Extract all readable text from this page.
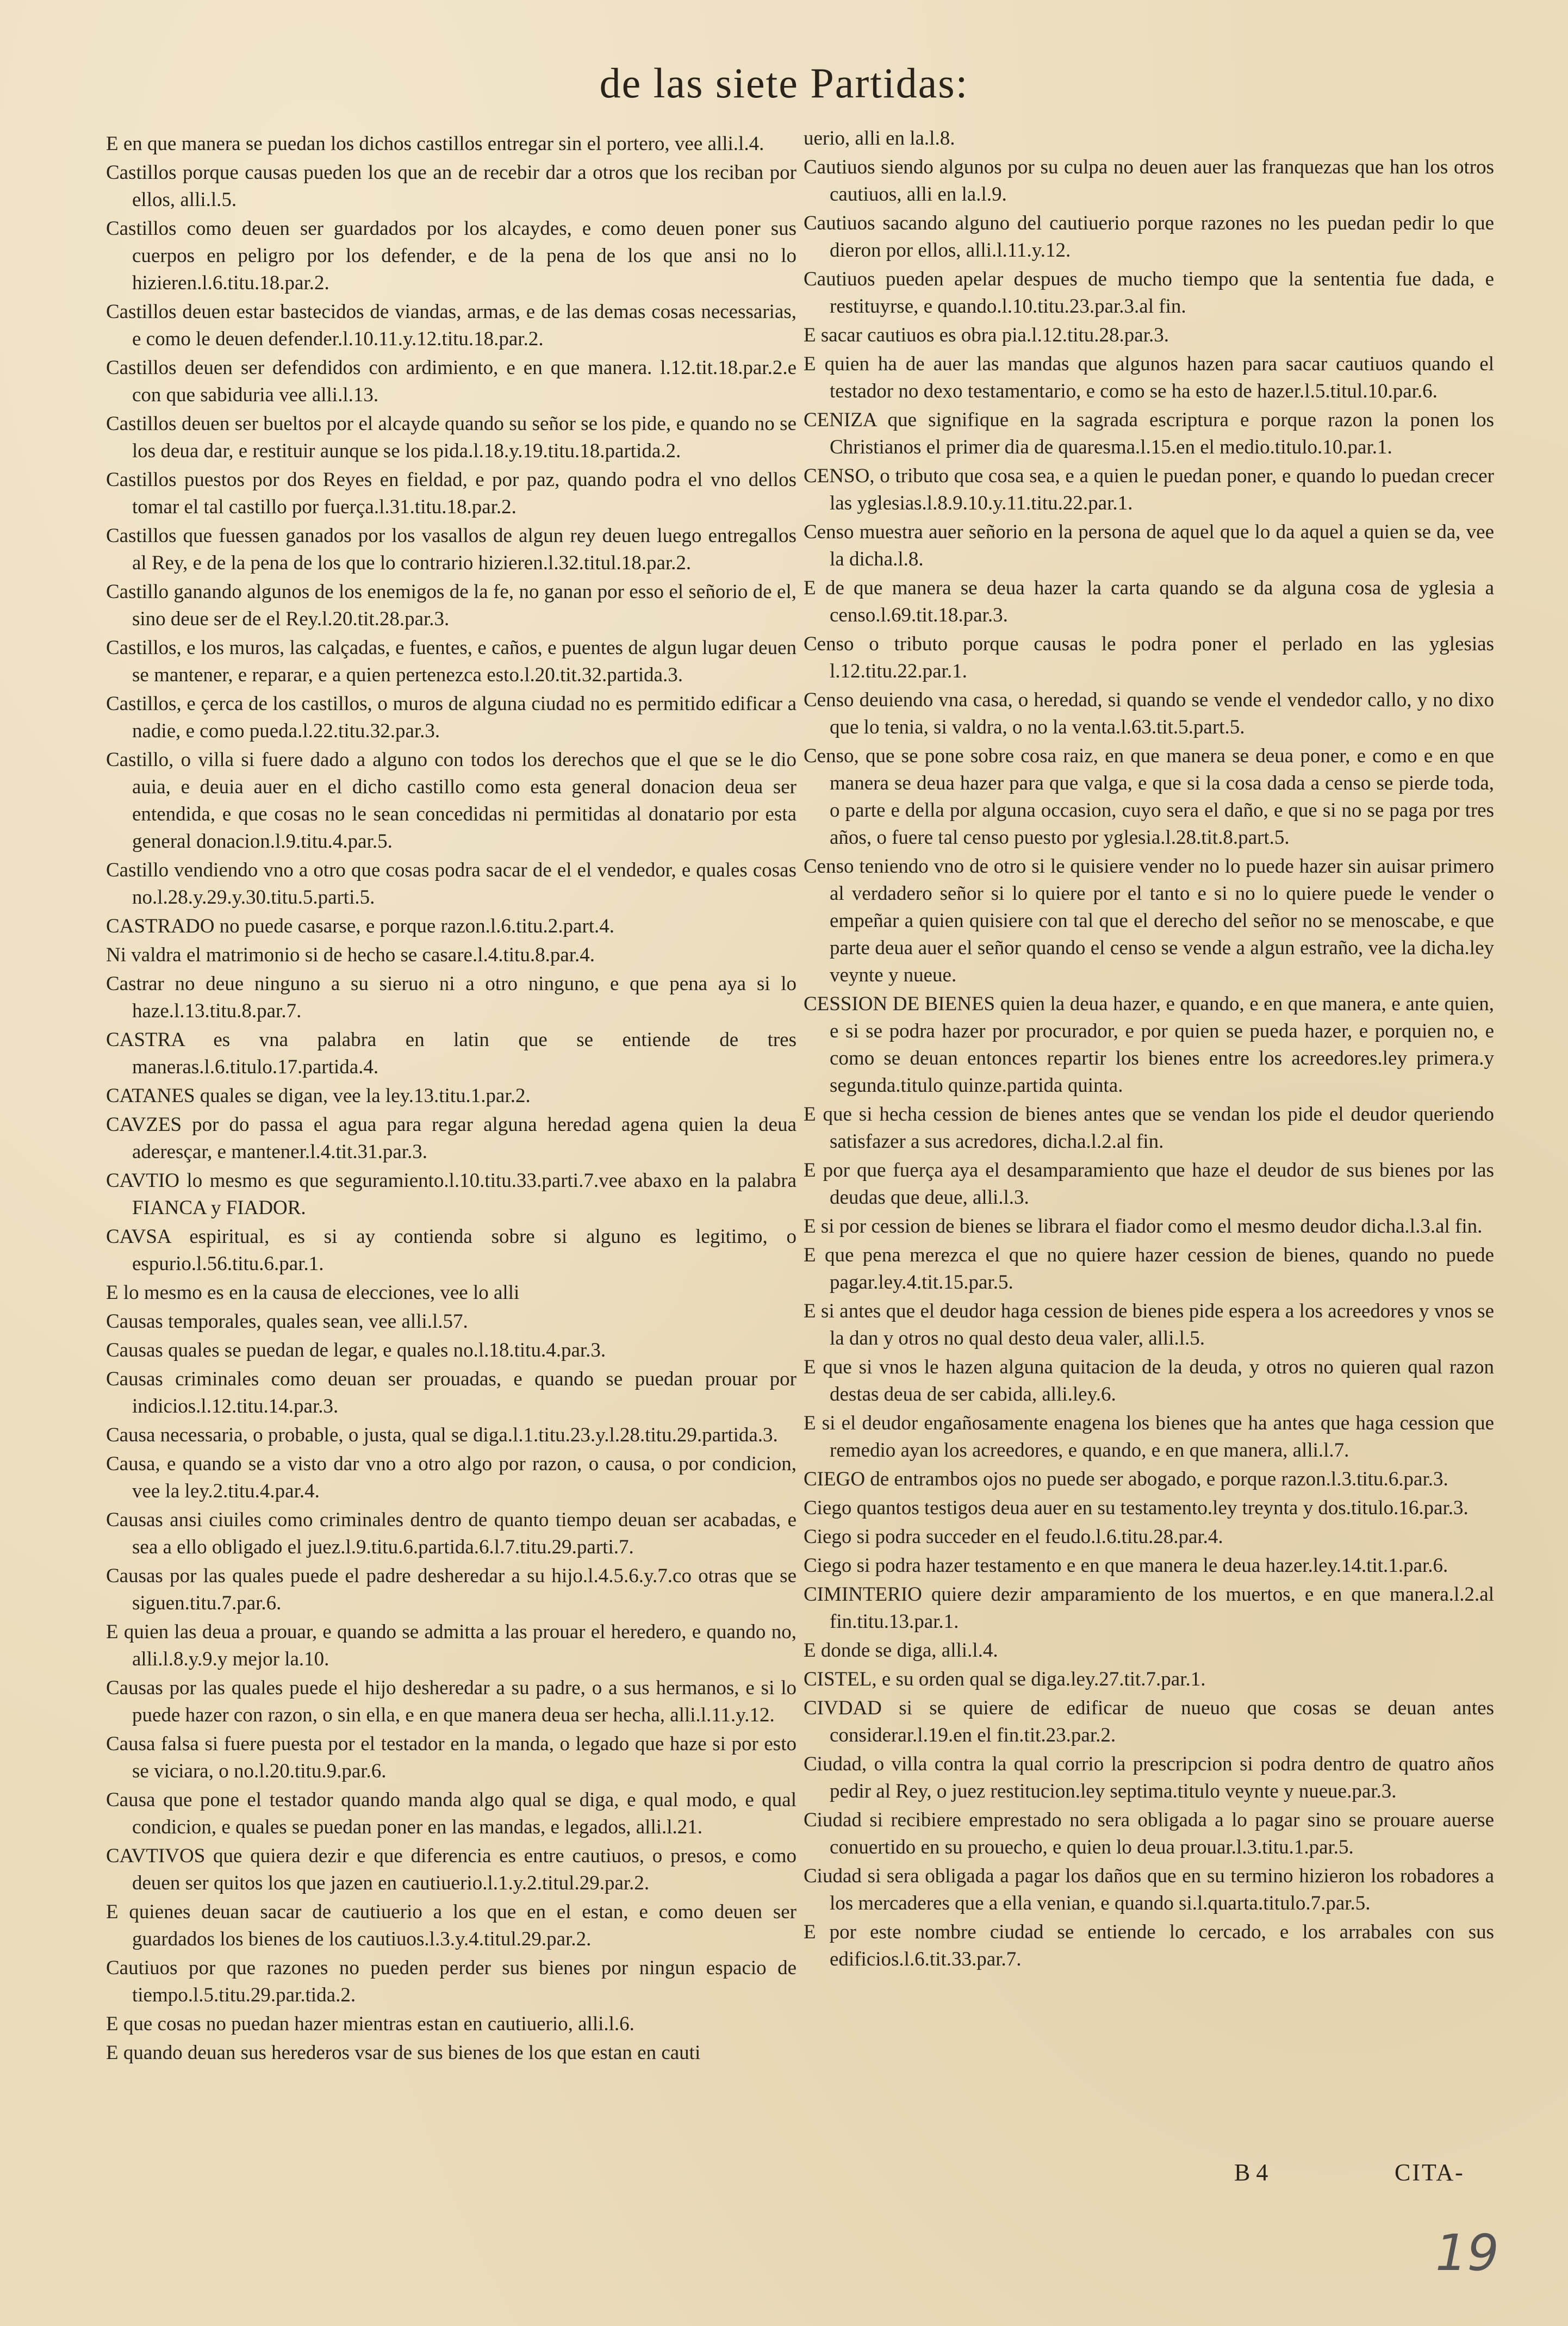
de las siete Partidas:

E en que manera se puedan los dichos castillos entregar sin el portero, vee alli.l.4.

Castillos porque causas pueden los que an de recebir dar a otros que los reciban por ellos, alli.l.5.

Castillos como deuen ser guardados por los alcaydes, e como deuen poner sus cuerpos en peligro por los defender, e de la pena de los que ansi no lo hizieren.l.6.titu.18.par.2.

Castillos deuen estar bastecidos de viandas, armas, e de las demas cosas necessarias, e como le deuen defender.l.10.11.y.12.titu.18.par.2.

Castillos deuen ser defendidos con ardimiento, e en que manera. l.12.tit.18.par.2.e con que sabiduria vee alli.l.13.

Castillos deuen ser bueltos por el alcayde quando su señor se los pide, e quando no se los deua dar, e restituir aunque se los pida.l.18.y.19.titu.18.partida.2.

Castillos puestos por dos Reyes en fieldad, e por paz, quando podra el vno dellos tomar el tal castillo por fuerça.l.31.titu.18.par.2.

Castillos que fuessen ganados por los vasallos de algun rey deuen luego entregallos al Rey, e de la pena de los que lo contrario hizieren.l.32.titul.18.par.2.

Castillo ganando algunos de los enemigos de la fe, no ganan por esso el señorio de el, sino deue ser de el Rey.l.20.tit.28.par.3.

Castillos, e los muros, las calçadas, e fuentes, e caños, e puentes de algun lugar deuen se mantener, e reparar, e a quien pertenezca esto.l.20.tit.32.partida.3.

Castillos, e çerca de los castillos, o muros de alguna ciudad no es permitido edificar a nadie, e como pueda.l.22.titu.32.par.3.

Castillo, o villa si fuere dado a alguno con todos los derechos que el que se le dio auia, e deuia auer en el dicho castillo como esta general donacion deua ser entendida, e que cosas no le sean concedidas ni permitidas al donatario por esta general donacion.l.9.titu.4.par.5.

Castillo vendiendo vno a otro que cosas podra sacar de el el vendedor, e quales cosas no.l.28.y.29.y.30.titu.5.parti.5.

CASTRADO no puede casarse, e porque razon.l.6.titu.2.part.4.

Ni valdra el matrimonio si de hecho se casare.l.4.titu.8.par.4.

Castrar no deue ninguno a su sieruo ni a otro ninguno, e que pena aya si lo haze.l.13.titu.8.par.7.

CASTRA es vna palabra en latin que se entiende de tres maneras.l.6.titulo.17.partida.4.

CATANES quales se digan, vee la ley.13.titu.1.par.2.

CAVZES por do passa el agua para regar alguna heredad agena quien la deua aderesçar, e mantener.l.4.tit.31.par.3.

CAVTIO lo mesmo es que seguramiento.l.10.titu.33.parti.7.vee abaxo en la palabra FIANCA y FIADOR.

CAVSA espiritual, es si ay contienda sobre si alguno es legitimo, o espurio.l.56.titu.6.par.1.

E lo mesmo es en la causa de elecciones, vee lo alli

Causas temporales, quales sean, vee alli.l.57.

Causas quales se puedan de legar, e quales no.l.18.titu.4.par.3.

Causas criminales como deuan ser prouadas, e quando se puedan prouar por indicios.l.12.titu.14.par.3.

Causa necessaria, o probable, o justa, qual se diga.l.1.titu.23.y.l.28.titu.29.partida.3.

Causa, e quando se a visto dar vno a otro algo por razon, o causa, o por condicion, vee la ley.2.titu.4.par.4.

Causas ansi ciuiles como criminales dentro de quanto tiempo deuan ser acabadas, e sea a ello obligado el juez.l.9.titu.6.partida.6.l.7.titu.29.parti.7.

Causas por las quales puede el padre desheredar a su hijo.l.4.5.6.y.7.co otras que se siguen.titu.7.par.6.

E quien las deua a prouar, e quando se admitta a las prouar el heredero, e quando no, alli.l.8.y.9.y mejor la.10.

Causas por las quales puede el hijo desheredar a su padre, o a sus hermanos, e si lo puede hazer con razon, o sin ella, e en que manera deua ser hecha, alli.l.11.y.12.

Causa falsa si fuere puesta por el testador en la manda, o legado que haze si por esto se viciara, o no.l.20.titu.9.par.6.

Causa que pone el testador quando manda algo qual se diga, e qual modo, e qual condicion, e quales se puedan poner en las mandas, e legados, alli.l.21.

CAVTIVOS que quiera dezir e que diferencia es entre cautiuos, o presos, e como deuen ser quitos los que jazen en cautiuerio.l.1.y.2.titul.29.par.2.

E quienes deuan sacar de cautiuerio a los que en el estan, e como deuen ser guardados los bienes de los cautiuos.l.3.y.4.titul.29.par.2.

Cautiuos por que razones no pueden perder sus bienes por ningun espacio de tiempo.l.5.titu.29.par.tida.2.

E que cosas no puedan hazer mientras estan en cautiuerio, alli.l.6.

E quando deuan sus herederos vsar de sus bienes de los que estan en cauti

uerio, alli en la.l.8.

Cautiuos siendo algunos por su culpa no deuen auer las franquezas que han los otros cautiuos, alli en la.l.9.

Cautiuos sacando alguno del cautiuerio porque razones no les puedan pedir lo que dieron por ellos, alli.l.11.y.12.

Cautiuos pueden apelar despues de mucho tiempo que la sententia fue dada, e restituyrse, e quando.l.10.titu.23.par.3.al fin.

E sacar cautiuos es obra pia.l.12.titu.28.par.3.

E quien ha de auer las mandas que algunos hazen para sacar cautiuos quando el testador no dexo testamentario, e como se ha esto de hazer.l.5.titul.10.par.6.

CENIZA que signifique en la sagrada escriptura e porque razon la ponen los Christianos el primer dia de quaresma.l.15.en el medio.titulo.10.par.1.

CENSO, o tributo que cosa sea, e a quien le puedan poner, e quando lo puedan crecer las yglesias.l.8.9.10.y.11.titu.22.par.1.

Censo muestra auer señorio en la persona de aquel que lo da aquel a quien se da, vee la dicha.l.8.

E de que manera se deua hazer la carta quando se da alguna cosa de yglesia a censo.l.69.tit.18.par.3.

Censo o tributo porque causas le podra poner el perlado en las yglesias l.12.titu.22.par.1.

Censo deuiendo vna casa, o heredad, si quando se vende el vendedor callo, y no dixo que lo tenia, si valdra, o no la venta.l.63.tit.5.part.5.

Censo, que se pone sobre cosa raiz, en que manera se deua poner, e como e en que manera se deua hazer para que valga, e que si la cosa dada a censo se pierde toda, o parte e della por alguna occasion, cuyo sera el daño, e que si no se paga por tres años, o fuere tal censo puesto por yglesia.l.28.tit.8.part.5.

Censo teniendo vno de otro si le quisiere vender no lo puede hazer sin auisar primero al verdadero señor si lo quiere por el tanto e si no lo quiere puede le vender o empeñar a quien quisiere con tal que el derecho del señor no se menoscabe, e que parte deua auer el señor quando el censo se vende a algun estraño, vee la dicha.ley veynte y nueue.

CESSION DE BIENES quien la deua hazer, e quando, e en que manera, e ante quien, e si se podra hazer por procurador, e por quien se pueda hazer, e porquien no, e como se deuan entonces repartir los bienes entre los acreedores.ley primera.y segunda.titulo quinze.partida quinta.

E que si hecha cession de bienes antes que se vendan los pide el deudor queriendo satisfazer a sus acredores, dicha.l.2.al fin.

E por que fuerça aya el desamparamiento que haze el deudor de sus bienes por las deudas que deue, alli.l.3.

E si por cession de bienes se librara el fiador como el mesmo deudor dicha.l.3.al fin.

E que pena merezca el que no quiere hazer cession de bienes, quando no puede pagar.ley.4.tit.15.par.5.

E si antes que el deudor haga cession de bienes pide espera a los acreedores y vnos se la dan y otros no qual desto deua valer, alli.l.5.

E que si vnos le hazen alguna quitacion de la deuda, y otros no quieren qual razon destas deua de ser cabida, alli.ley.6.

E si el deudor engañosamente enagena los bienes que ha antes que haga cession que remedio ayan los acreedores, e quando, e en que manera, alli.l.7.

CIEGO de entrambos ojos no puede ser abogado, e porque razon.l.3.titu.6.par.3.

Ciego quantos testigos deua auer en su testamento.ley treynta y dos.titulo.16.par.3.

Ciego si podra succeder en el feudo.l.6.titu.28.par.4.

Ciego si podra hazer testamento e en que manera le deua hazer.ley.14.tit.1.par.6.

CIMINTERIO quiere dezir amparamiento de los muertos, e en que manera.l.2.al fin.titu.13.par.1.

E donde se diga, alli.l.4.

CISTEL, e su orden qual se diga.ley.27.tit.7.par.1.

CIVDAD si se quiere de edificar de nueuo que cosas se deuan antes considerar.l.19.en el fin.tit.23.par.2.

Ciudad, o villa contra la qual corrio la prescripcion si podra dentro de quatro años pedir al Rey, o juez restitucion.ley septima.titulo veynte y nueue.par.3.

Ciudad si recibiere emprestado no sera obligada a lo pagar sino se prouare auerse conuertido en su prouecho, e quien lo deua prouar.l.3.titu.1.par.5.

Ciudad si sera obligada a pagar los daños que en su termino hizieron los robadores a los mercaderes que a ella venian, e quando si.l.quarta.titulo.7.par.5.

E por este nombre ciudad se entiende lo cercado, e los arrabales con sus edificios.l.6.tit.33.par.7.

B 4	CITA-
19
